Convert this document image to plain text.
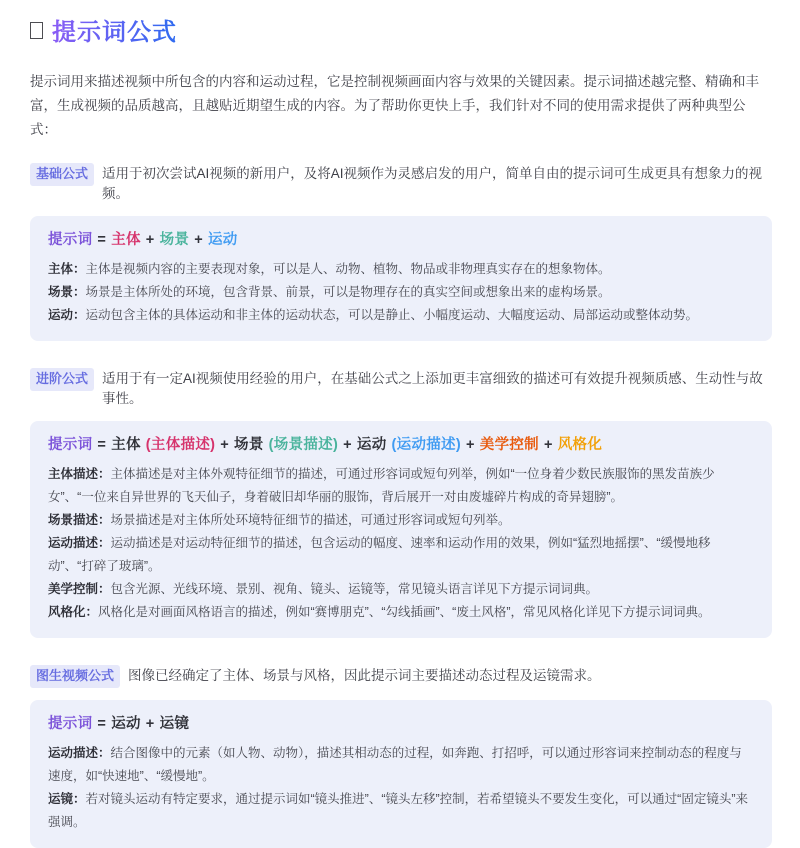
提示词公式

提示词用来描述视频中所包含的内容和运动过程，它是控制视频画面内容与效果的关键因素。提示词描述越完整、精确和丰富，生成视频的品质越高，且越贴近期望生成的内容。为了帮助你更快上手，我们针对不同的使用需求提供了两种典型公式：

基础公式	适用于初次尝试AI视频的新用户，及将AI视频作为灵感启发的用户，简单自由的提示词可生成更具有想象力的视频。
提示词 = 主体 + 场景 + 运动
主体：主体是视频内容的主要表现对象，可以是人、动物、植物、物品或非物理真实存在的想象物体。
场景：场景是主体所处的环境，包含背景、前景，可以是物理存在的真实空间或想象出来的虚构场景。
运动：运动包含主体的具体运动和非主体的运动状态，可以是静止、小幅度运动、大幅度运动、局部运动或整体动势。
进阶公式	适用于有一定AI视频使用经验的用户，在基础公式之上添加更丰富细致的描述可有效提升视频质感、生动性与故事性。
提示词 = 主体 (主体描述) + 场景 (场景描述) + 运动 (运动描述) + 美学控制 + 风格化
主体描述：主体描述是对主体外观特征细节的描述，可通过形容词或短句列举，例如“一位身着少数民族服饰的黑发苗族少女”、“一位来自异世界的飞天仙子，身着破旧却华丽的服饰，背后展开一对由废墟碎片构成的奇异翅膀”。
场景描述：场景描述是对主体所处环境特征细节的描述，可通过形容词或短句列举。
运动描述：运动描述是对运动特征细节的描述，包含运动的幅度、速率和运动作用的效果，例如“猛烈地摇摆”、“缓慢地移动”、“打碎了玻璃”。
美学控制：包含光源、光线环境、景别、视角、镜头、运镜等，常见镜头语言详见下方提示词词典。
风格化：风格化是对画面风格语言的描述，例如“赛博朋克”、“勾线插画”、“废土风格”，常见风格化详见下方提示词词典。
图生视频公式	图像已经确定了主体、场景与风格，因此提示词主要描述动态过程及运镜需求。
提示词 = 运动 + 运镜
运动描述：结合图像中的元素（如人物、动物），描述其相动态的过程，如奔跑、打招呼，可以通过形容词来控制动态的程度与速度，如“快速地”、“缓慢地”。
运镜：若对镜头运动有特定要求，通过提示词如“镜头推进”、“镜头左移”控制，若希望镜头不要发生变化，可以通过“固定镜头”来强调。
